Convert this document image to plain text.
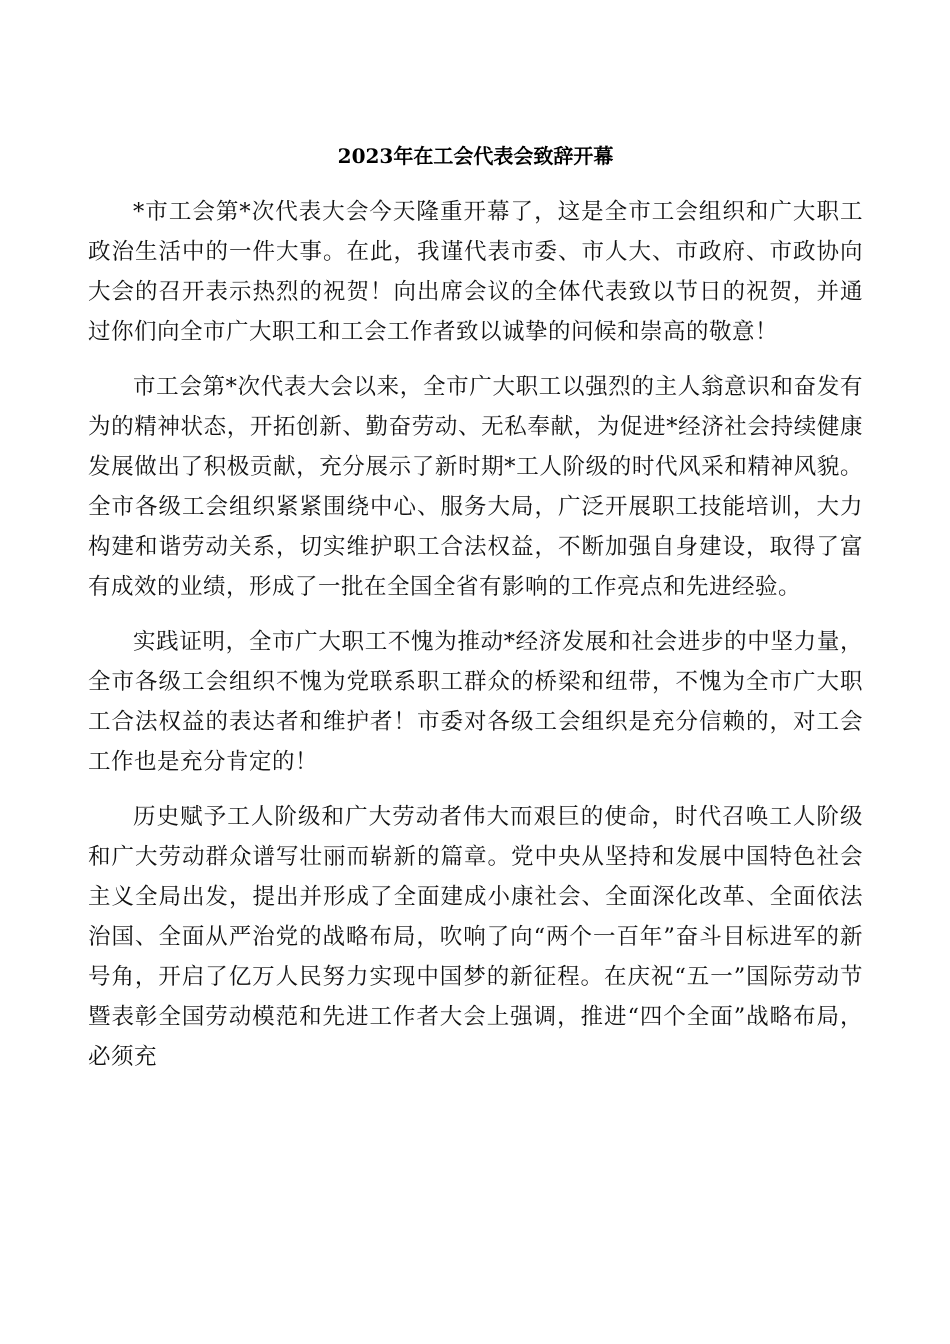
2023年在工会代表会致辞开幕

*市工会第*次代表大会今天隆重开幕了，这是全市工会组织和广大职工政治生活中的一件大事。在此，我谨代表市委、市人大、市政府、市政协向大会的召开表示热烈的祝贺！向出席会议的全体代表致以节日的祝贺，并通过你们向全市广大职工和工会工作者致以诚挚的问候和崇高的敬意！

市工会第*次代表大会以来，全市广大职工以强烈的主人翁意识和奋发有为的精神状态，开拓创新、勤奋劳动、无私奉献，为促进*经济社会持续健康发展做出了积极贡献，充分展示了新时期*工人阶级的时代风采和精神风貌。全市各级工会组织紧紧围绕中心、服务大局，广泛开展职工技能培训，大力构建和谐劳动关系，切实维护职工合法权益，不断加强自身建设，取得了富有成效的业绩，形成了一批在全国全省有影响的工作亮点和先进经验。

实践证明，全市广大职工不愧为推动*经济发展和社会进步的中坚力量，全市各级工会组织不愧为党联系职工群众的桥梁和纽带，不愧为全市广大职工合法权益的表达者和维护者！市委对各级工会组织是充分信赖的，对工会工作也是充分肯定的！

历史赋予工人阶级和广大劳动者伟大而艰巨的使命，时代召唤工人阶级和广大劳动群众谱写壮丽而崭新的篇章。党中央从坚持和发展中国特色社会主义全局出发，提出并形成了全面建成小康社会、全面深化改革、全面依法治国、全面从严治党的战略布局，吹响了向“两个一百年”奋斗目标进军的新号角，开启了亿万人民努力实现中国梦的新征程。在庆祝“五一”国际劳动节暨表彰全国劳动模范和先进工作者大会上强调，推进“四个全面”战略布局，必须充
